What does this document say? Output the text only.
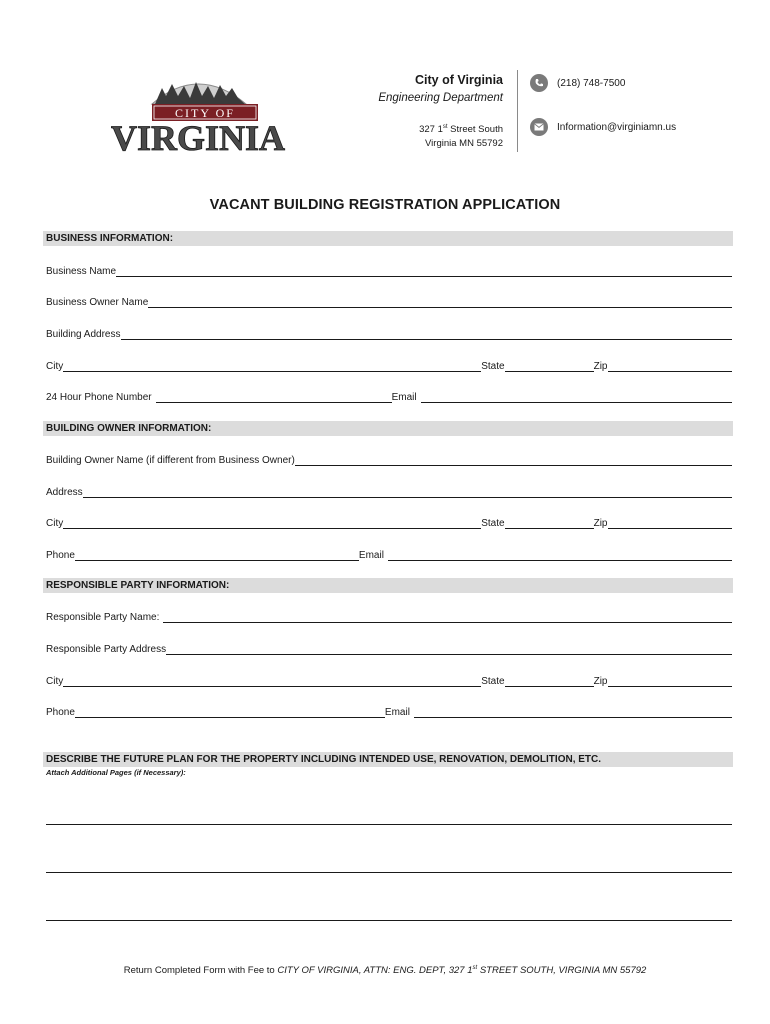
CITY OF
VIRGINIA
City of Virginia
Engineering Department
327 1st Street South
Virginia MN 55792
(218) 748-7500
Information@virginiamn.us
VACANT BUILDING REGISTRATION APPLICATION
BUSINESS INFORMATION:
Business Name
Business Owner Name
Building Address
City	State	Zip
24 Hour Phone Number	Email
BUILDING OWNER INFORMATION:
Building Owner Name (if different from Business Owner)
Address
City	State	Zip
Phone	Email
RESPONSIBLE PARTY INFORMATION:
Responsible Party Name:
Responsible Party Address
City	State	Zip
Phone	Email
DESCRIBE THE FUTURE PLAN FOR THE PROPERTY INCLUDING INTENDED USE, RENOVATION, DEMOLITION, ETC.
Attach Additional Pages (if Necessary):
Return Completed Form with Fee to CITY OF VIRGINIA, ATTN: ENG. DEPT, 327 1st STREET SOUTH, VIRGINIA MN 55792
